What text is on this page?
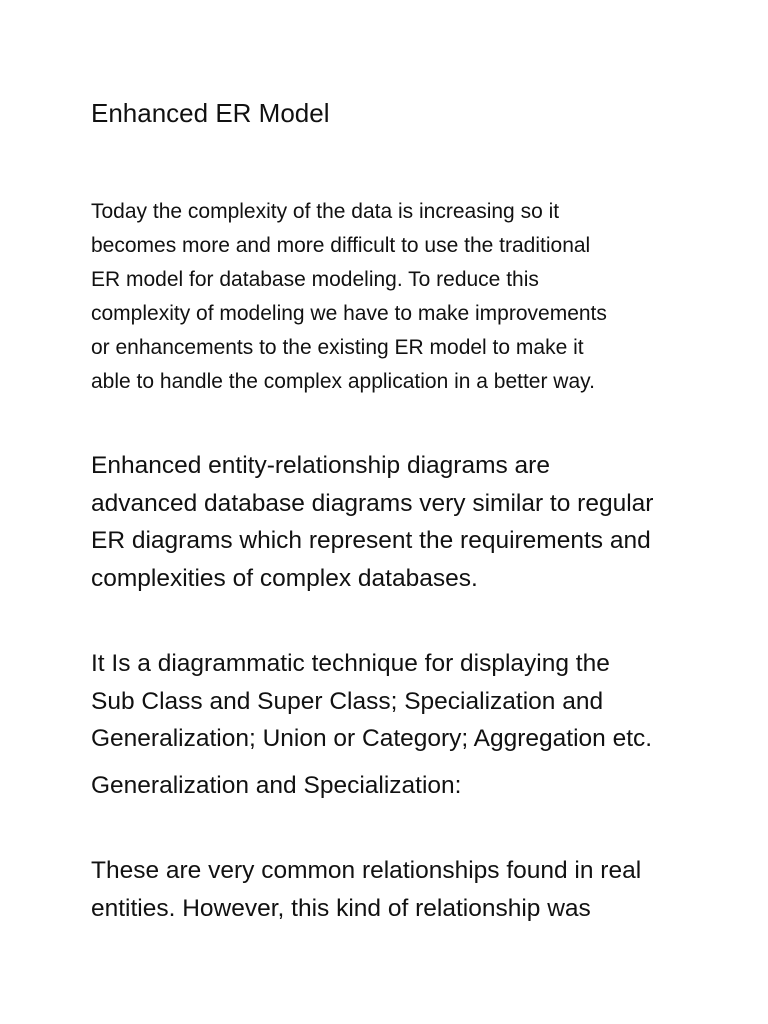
Enhanced ER Model

Today the complexity of the data is increasing so it
becomes more and more difficult to use the traditional
ER model for database modeling. To reduce this
complexity of modeling we have to make improvements
or enhancements to the existing ER model to make it
able to handle the complex application in a better way.

Enhanced entity-relationship diagrams are
advanced database diagrams very similar to regular
ER diagrams which represent the requirements and
complexities of complex databases.

It Is a diagrammatic technique for displaying the
Sub Class and Super Class; Specialization and
Generalization; Union or Category; Aggregation etc.

Generalization and Specialization:

These are very common relationships found in real
entities. However, this kind of relationship was
